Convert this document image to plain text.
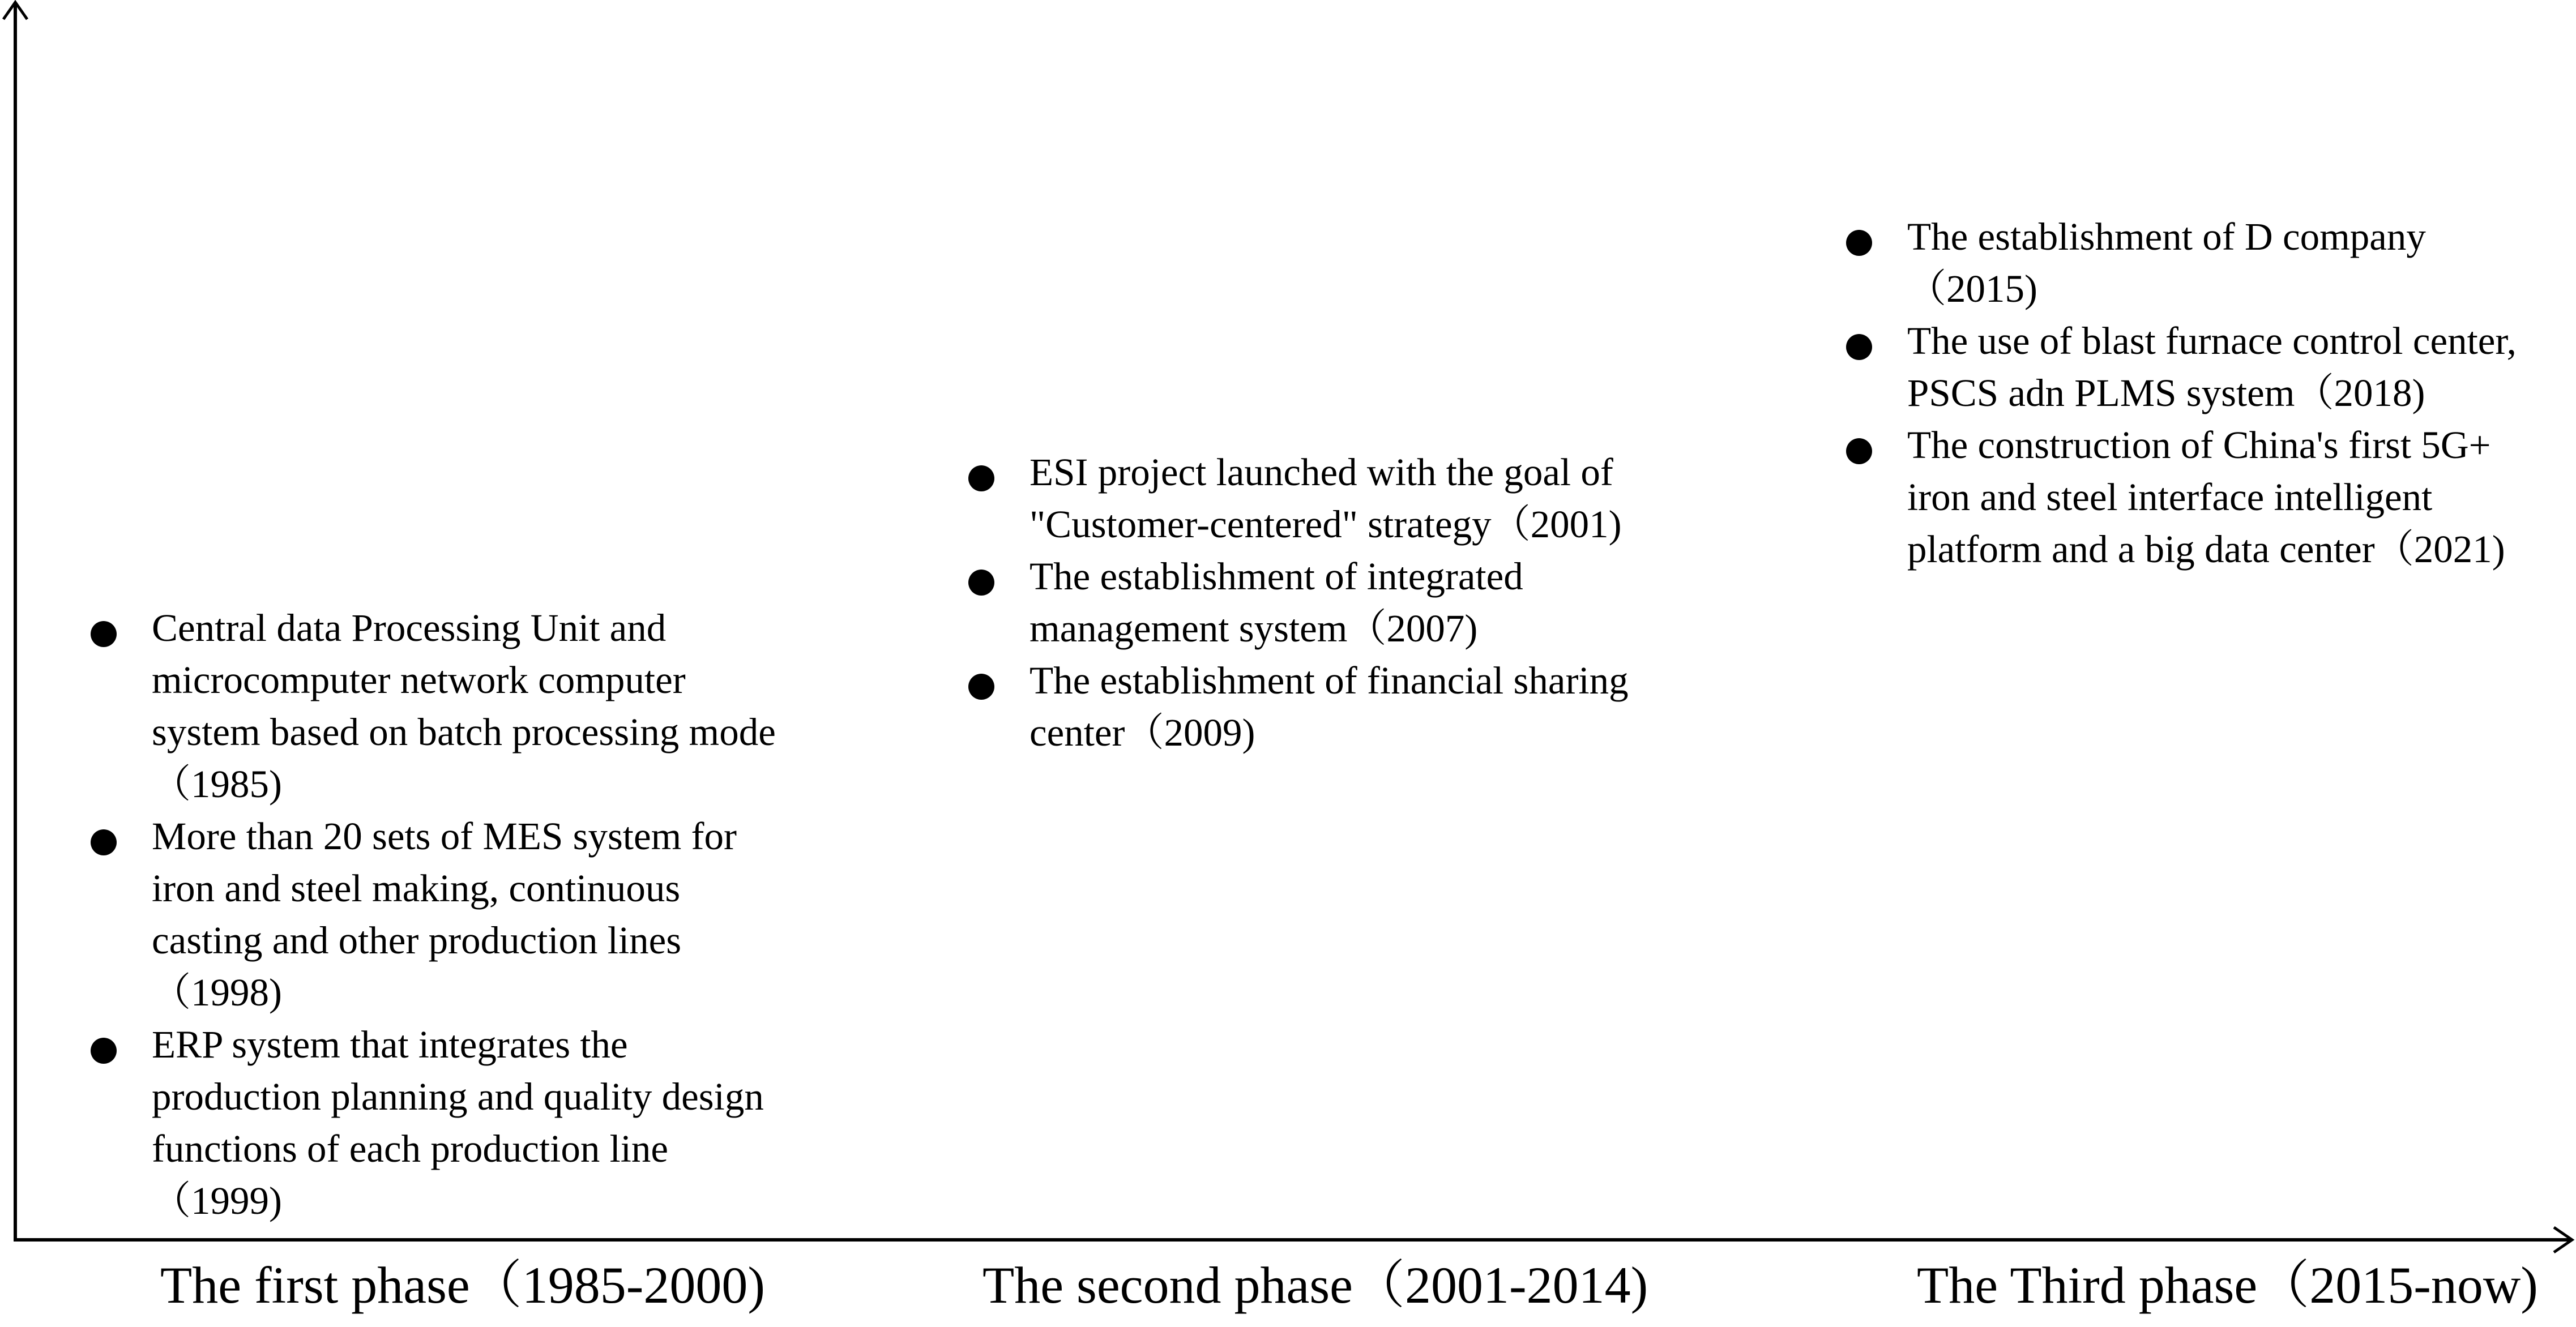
Central data Processing Unit and microcomputer network computer system based on batch processing mode（1985)
More than 20 sets of MES system for iron and steel making, continuous casting and other production lines（1998)
ERP system that integrates the production planning and quality design functions of each production line（1999)
ESI project launched with the goal of "Customer-centered" strategy（2001)
The establishment of integrated management system（2007)
The establishment of financial sharing center（2009)
The establishment of D company（2015)
The use of blast furnace control center, PSCS adn PLMS system（2018)
The construction of China's first 5G+ iron and steel interface intelligent platform and a big data center（2021)
The first phase（1985-2000)	The second phase（2001-2014)	The Third phase（2015-now)
